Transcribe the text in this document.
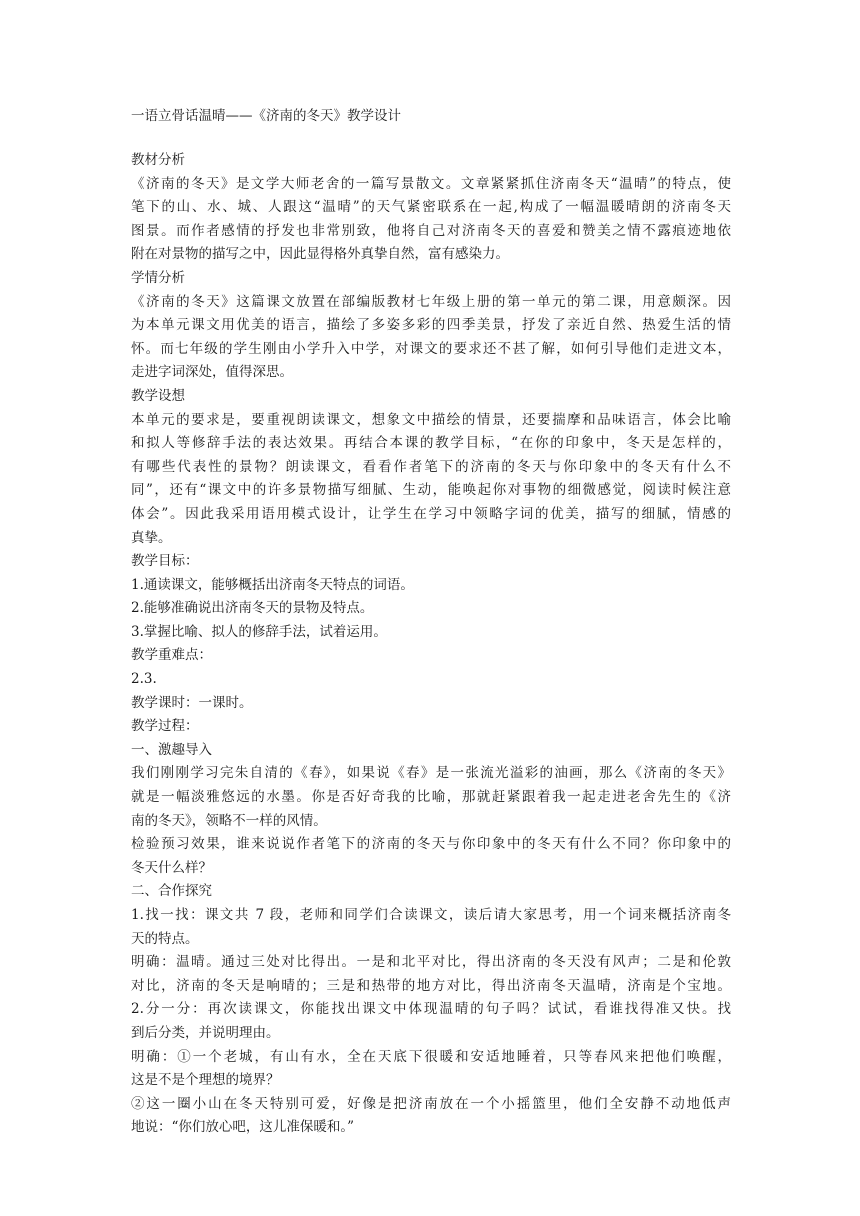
一语立骨话温晴——《济南的冬天》教学设计
教材分析
《济南的冬天》是文学大师老舍的一篇写景散文。文章紧紧抓住济南冬天“温晴”的特点，使
笔下的山、水、城、人跟这“温晴”的天气紧密联系在一起,构成了一幅温暖晴朗的济南冬天
图景。而作者感情的抒发也非常别致，他将自己对济南冬天的喜爱和赞美之情不露痕迹地依
附在对景物的描写之中，因此显得格外真挚自然，富有感染力。
学情分析
《济南的冬天》这篇课文放置在部编版教材七年级上册的第一单元的第二课，用意颇深。因
为本单元课文用优美的语言，描绘了多姿多彩的四季美景，抒发了亲近自然、热爱生活的情
怀。而七年级的学生刚由小学升入中学，对课文的要求还不甚了解，如何引导他们走进文本，
走进字词深处，值得深思。
教学设想
本单元的要求是，要重视朗读课文，想象文中描绘的情景，还要揣摩和品味语言，体会比喻
和拟人等修辞手法的表达效果。再结合本课的教学目标，“在你的印象中，冬天是怎样的，
有哪些代表性的景物？朗读课文，看看作者笔下的济南的冬天与你印象中的冬天有什么不
同”，还有“课文中的许多景物描写细腻、生动，能唤起你对事物的细微感觉，阅读时候注意
体会”。因此我采用语用模式设计，让学生在学习中领略字词的优美，描写的细腻，情感的
真挚。
教学目标：
1.通读课文，能够概括出济南冬天特点的词语。
2.能够准确说出济南冬天的景物及特点。
3.掌握比喻、拟人的修辞手法，试着运用。
教学重难点：
2.3.
教学课时：一课时。
教学过程：
一、激趣导入
我们刚刚学习完朱自清的《春》，如果说《春》是一张流光溢彩的油画，那么《济南的冬天》
就是一幅淡雅悠远的水墨。你是否好奇我的比喻，那就赶紧跟着我一起走进老舍先生的《济
南的冬天》，领略不一样的风情。
检验预习效果，谁来说说作者笔下的济南的冬天与你印象中的冬天有什么不同？你印象中的
冬天什么样？
二、合作探究
1.找一找：课文共 7 段，老师和同学们合读课文，读后请大家思考，用一个词来概括济南冬
天的特点。
明确：温晴。通过三处对比得出。一是和北平对比，得出济南的冬天没有风声；二是和伦敦
对比，济南的冬天是响晴的；三是和热带的地方对比，得出济南冬天温晴，济南是个宝地。
2.分一分：再次读课文，你能找出课文中体现温晴的句子吗？试试，看谁找得准又快。找
到后分类，并说明理由。
明确：①一个老城，有山有水，全在天底下很暖和安适地睡着，只等春风来把他们唤醒，
这是不是个理想的境界？
②这一圈小山在冬天特别可爱，好像是把济南放在一个小摇篮里，他们全安静不动地低声
地说：“你们放心吧，这儿准保暖和。”
